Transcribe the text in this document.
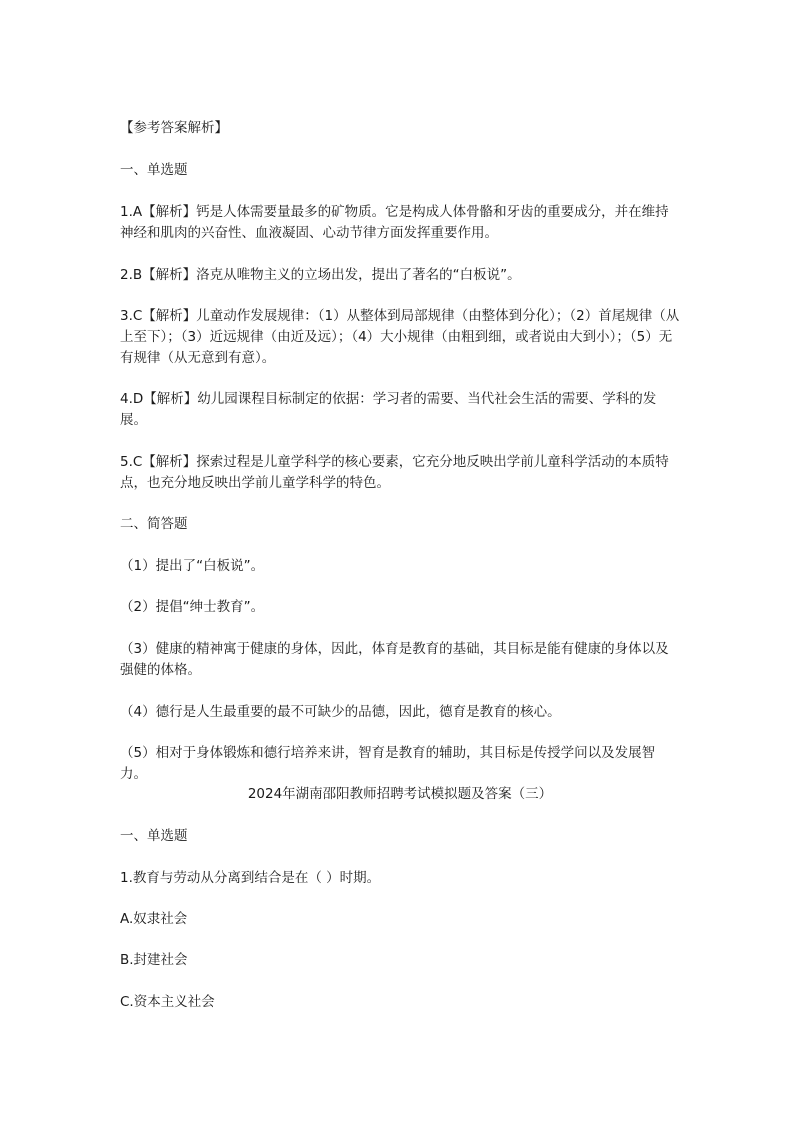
【参考答案解析】
一、单选题
1.A【解析】钙是人体需要量最多的矿物质。它是构成人体骨骼和牙齿的重要成分，并在维持神经和肌肉的兴奋性、血液凝固、心动节律方面发挥重要作用。
2.B【解析】洛克从唯物主义的立场出发，提出了著名的“白板说”。
3.C【解析】儿童动作发展规律：（1）从整体到局部规律（由整体到分化）；（2）首尾规律（从上至下）；（3）近远规律（由近及远）；（4）大小规律（由粗到细，或者说由大到小）；（5）无有规律（从无意到有意）。
4.D【解析】幼儿园课程目标制定的依据：学习者的需要、当代社会生活的需要、学科的发展。
5.C【解析】探索过程是儿童学科学的核心要素，它充分地反映出学前儿童科学活动的本质特点，也充分地反映出学前儿童学科学的特色。
二、简答题
（1）提出了“白板说”。
（2）提倡“绅士教育”。
（3）健康的精神寓于健康的身体，因此，体育是教育的基础，其目标是能有健康的身体以及强健的体格。
（4）德行是人生最重要的最不可缺少的品德，因此，德育是教育的核心。
（5）相对于身体锻炼和德行培养来讲，智育是教育的辅助，其目标是传授学问以及发展智力。
2024年湖南邵阳教师招聘考试模拟题及答案（三）
一、单选题
1.教育与劳动从分离到结合是在（ ）时期。
A.奴隶社会
B.封建社会
C.资本主义社会
